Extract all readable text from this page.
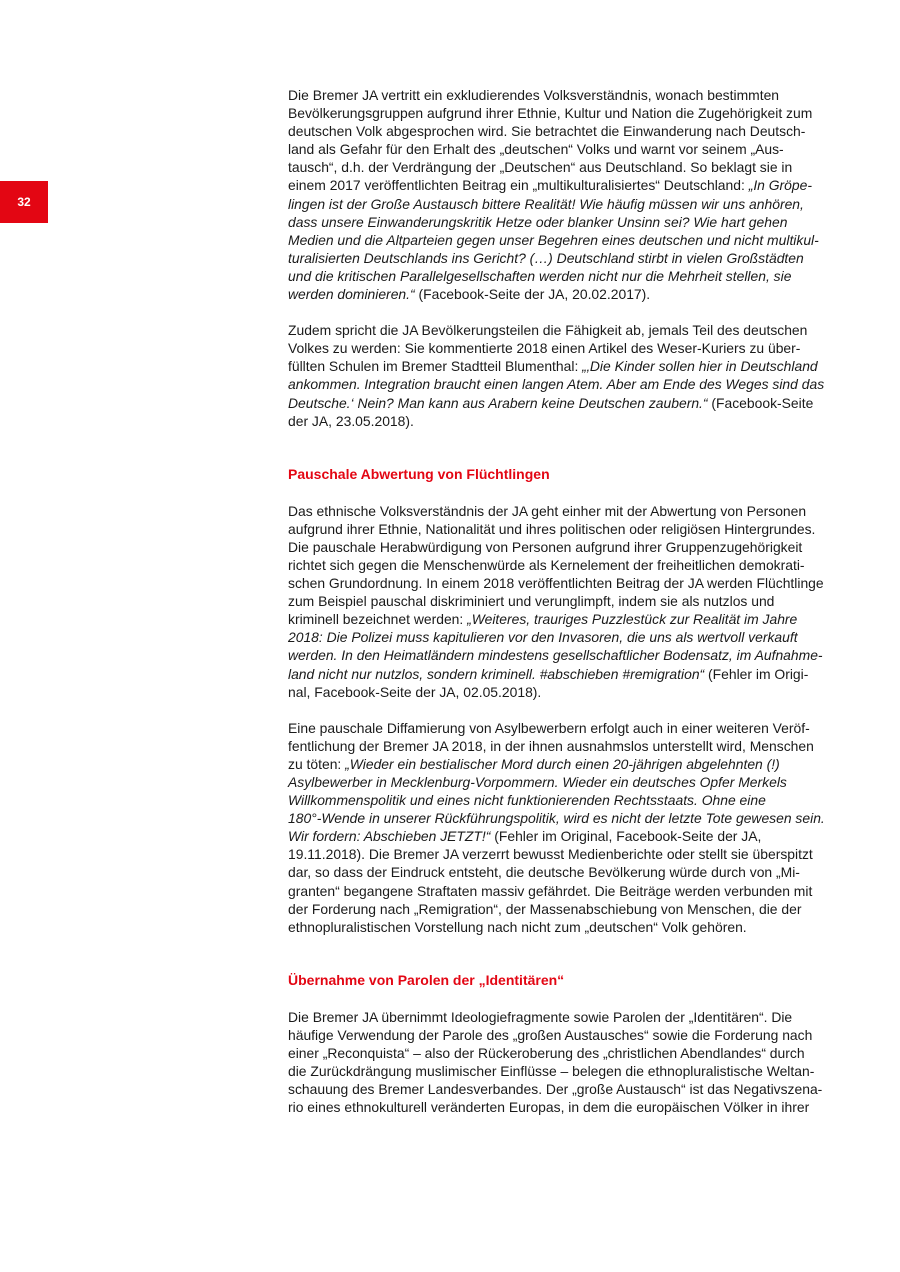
32
Die Bremer JA vertritt ein exkludierendes Volksverständnis, wonach bestimmten
Bevölkerungsgruppen aufgrund ihrer Ethnie, Kultur und Nation die Zugehörigkeit zum
deutschen Volk abgesprochen wird. Sie betrachtet die Einwanderung nach Deutsch-
land als Gefahr für den Erhalt des „deutschen“ Volks und warnt vor seinem „Aus-
tausch“, d.h. der Verdrängung der „Deutschen“ aus Deutschland. So beklagt sie in
einem 2017 veröffentlichten Beitrag ein „multikulturalisiertes“ Deutschland: „In Gröpe-
lingen ist der Große Austausch bittere Realität! Wie häufig müssen wir uns anhören,
dass unsere Einwanderungskritik Hetze oder blanker Unsinn sei? Wie hart gehen
Medien und die Altparteien gegen unser Begehren eines deutschen und nicht multikul-
turalisierten Deutschlands ins Gericht? (…) Deutschland stirbt in vielen Großstädten
und die kritischen Parallelgesellschaften werden nicht nur die Mehrheit stellen, sie
werden dominieren.“ (Facebook-Seite der JA, 20.02.2017).
Zudem spricht die JA Bevölkerungsteilen die Fähigkeit ab, jemals Teil des deutschen
Volkes zu werden: Sie kommentierte 2018 einen Artikel des Weser-Kuriers zu über-
füllten Schulen im Bremer Stadtteil Blumenthal: „‚Die Kinder sollen hier in Deutschland
ankommen. Integration braucht einen langen Atem. Aber am Ende des Weges sind das
Deutsche.‘ Nein? Man kann aus Arabern keine Deutschen zaubern.“ (Facebook-Seite
der JA, 23.05.2018).
Pauschale Abwertung von Flüchtlingen
Das ethnische Volksverständnis der JA geht einher mit der Abwertung von Personen
aufgrund ihrer Ethnie, Nationalität und ihres politischen oder religiösen Hintergrundes.
Die pauschale Herabwürdigung von Personen aufgrund ihrer Gruppenzugehörigkeit
richtet sich gegen die Menschenwürde als Kernelement der freiheitlichen demokrati-
schen Grundordnung. In einem 2018 veröffentlichten Beitrag der JA werden Flüchtlinge
zum Beispiel pauschal diskriminiert und verunglimpft, indem sie als nutzlos und
kriminell bezeichnet werden: „Weiteres, trauriges Puzzlestück zur Realität im Jahre
2018: Die Polizei muss kapitulieren vor den Invasoren, die uns als wertvoll verkauft
werden. In den Heimatländern mindestens gesellschaftlicher Bodensatz, im Aufnahme-
land nicht nur nutzlos, sondern kriminell. #abschieben #remigration“ (Fehler im Origi-
nal, Facebook-Seite der JA, 02.05.2018).
Eine pauschale Diffamierung von Asylbewerbern erfolgt auch in einer weiteren Veröf-
fentlichung der Bremer JA 2018, in der ihnen ausnahmslos unterstellt wird, Menschen
zu töten: „Wieder ein bestialischer Mord durch einen 20-jährigen abgelehnten (!)
Asylbewerber in Mecklenburg-Vorpommern. Wieder ein deutsches Opfer Merkels
Willkommenspolitik und eines nicht funktionierenden Rechtsstaats. Ohne eine
180°-Wende in unserer Rückführungspolitik, wird es nicht der letzte Tote gewesen sein.
Wir fordern: Abschieben JETZT!“ (Fehler im Original, Facebook-Seite der JA,
19.11.2018). Die Bremer JA verzerrt bewusst Medienberichte oder stellt sie überspitzt
dar, so dass der Eindruck entsteht, die deutsche Bevölkerung würde durch von „Mi-
granten“ begangene Straftaten massiv gefährdet. Die Beiträge werden verbunden mit
der Forderung nach „Remigration“, der Massenabschiebung von Menschen, die der
ethnopluralistischen Vorstellung nach nicht zum „deutschen“ Volk gehören.
Übernahme von Parolen der „Identitären“
Die Bremer JA übernimmt Ideologiefragmente sowie Parolen der „Identitären“. Die
häufige Verwendung der Parole des „großen Austausches“ sowie die Forderung nach
einer „Reconquista“ – also der Rückeroberung des „christlichen Abendlandes“ durch
die Zurückdrängung muslimischer Einflüsse – belegen die ethnopluralistische Weltan-
schauung des Bremer Landesverbandes. Der „große Austausch“ ist das Negativszena-
rio eines ethnokulturell veränderten Europas, in dem die europäischen Völker in ihrer
